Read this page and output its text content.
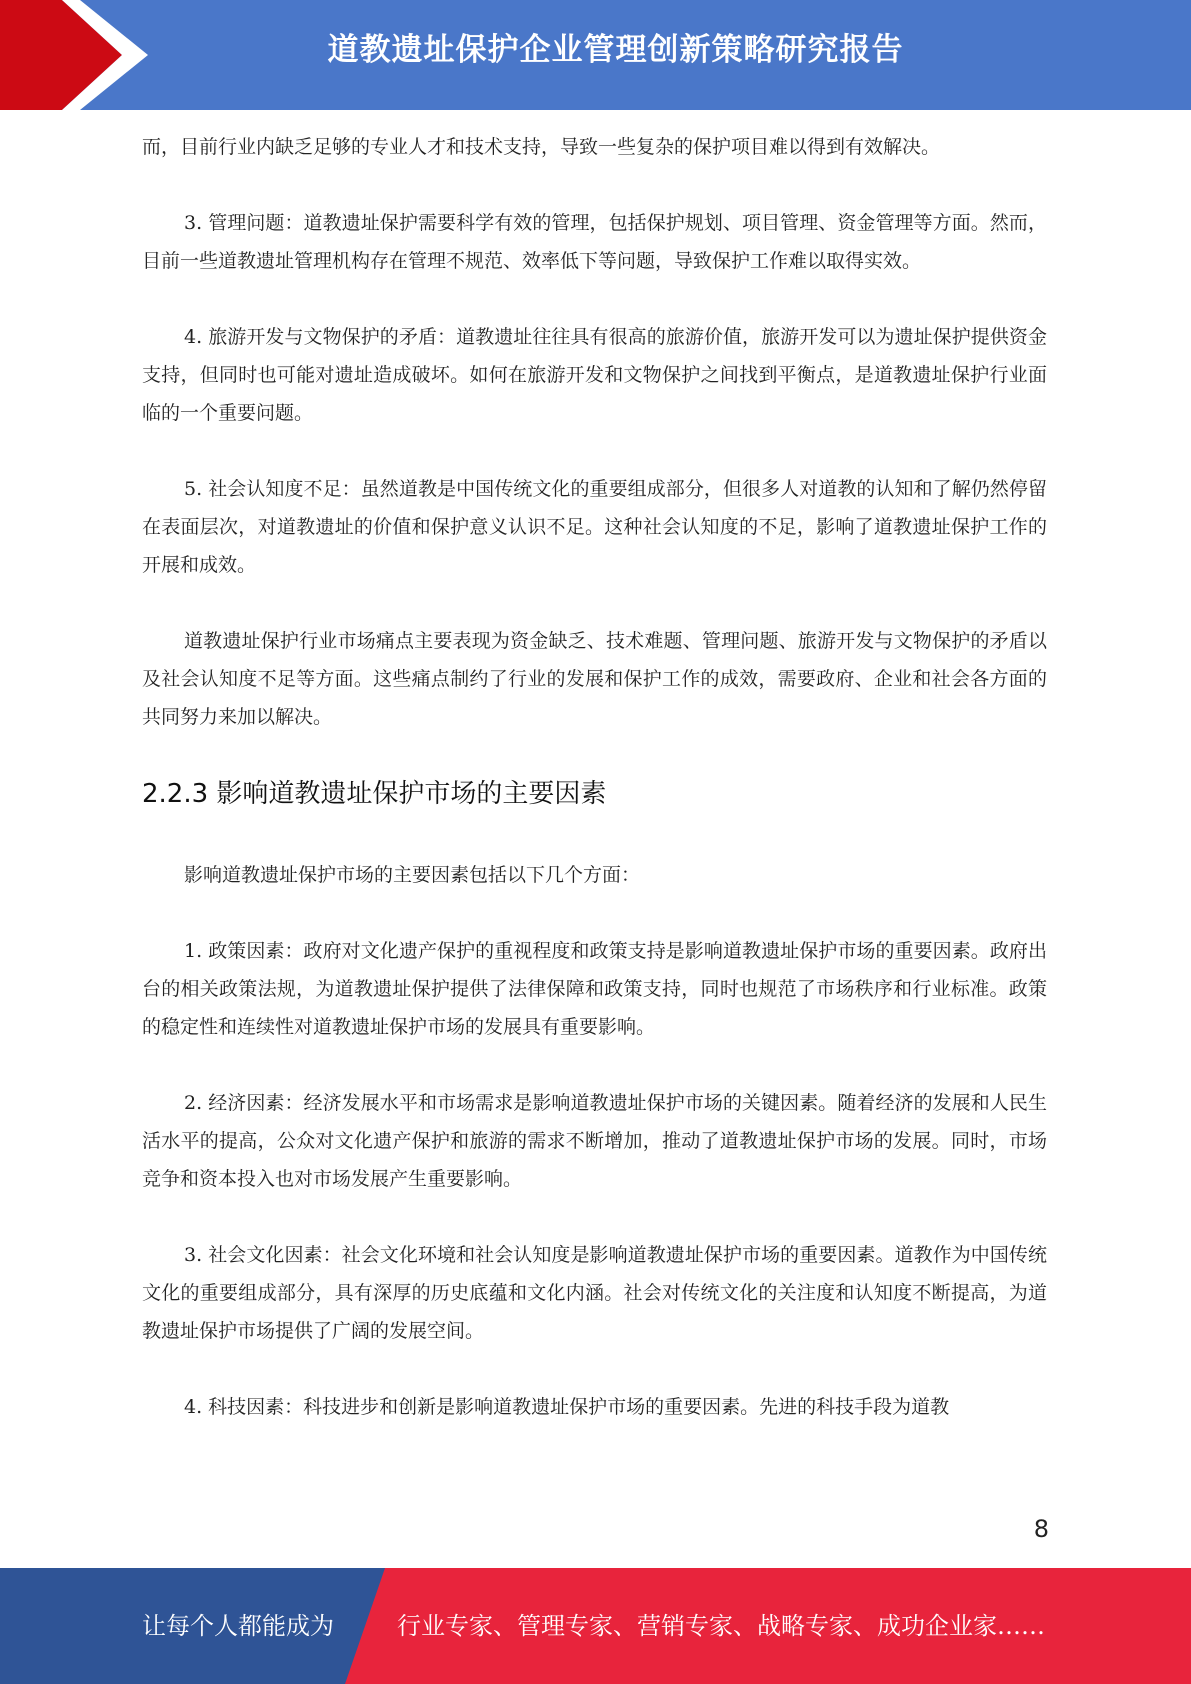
道教遗址保护企业管理创新策略研究报告

而，目前行业内缺乏足够的专业人才和技术支持，导致一些复杂的保护项目难以得到有效解决。

3. 管理问题：道教遗址保护需要科学有效的管理，包括保护规划、项目管理、资金管理等方面。然而，目前一些道教遗址管理机构存在管理不规范、效率低下等问题，导致保护工作难以取得实效。

4. 旅游开发与文物保护的矛盾：道教遗址往往具有很高的旅游价值，旅游开发可以为遗址保护提供资金支持，但同时也可能对遗址造成破坏。如何在旅游开发和文物保护之间找到平衡点，是道教遗址保护行业面临的一个重要问题。

5. 社会认知度不足：虽然道教是中国传统文化的重要组成部分，但很多人对道教的认知和了解仍然停留在表面层次，对道教遗址的价值和保护意义认识不足。这种社会认知度的不足，影响了道教遗址保护工作的开展和成效。

道教遗址保护行业市场痛点主要表现为资金缺乏、技术难题、管理问题、旅游开发与文物保护的矛盾以及社会认知度不足等方面。这些痛点制约了行业的发展和保护工作的成效，需要政府、企业和社会各方面的共同努力来加以解决。

2.2.3 影响道教遗址保护市场的主要因素

影响道教遗址保护市场的主要因素包括以下几个方面：

1. 政策因素：政府对文化遗产保护的重视程度和政策支持是影响道教遗址保护市场的重要因素。政府出台的相关政策法规，为道教遗址保护提供了法律保障和政策支持，同时也规范了市场秩序和行业标准。政策的稳定性和连续性对道教遗址保护市场的发展具有重要影响。

2. 经济因素：经济发展水平和市场需求是影响道教遗址保护市场的关键因素。随着经济的发展和人民生活水平的提高，公众对文化遗产保护和旅游的需求不断增加，推动了道教遗址保护市场的发展。同时，市场竞争和资本投入也对市场发展产生重要影响。

3. 社会文化因素：社会文化环境和社会认知度是影响道教遗址保护市场的重要因素。道教作为中国传统文化的重要组成部分，具有深厚的历史底蕴和文化内涵。社会对传统文化的关注度和认知度不断提高，为道教遗址保护市场提供了广阔的发展空间。

4. 科技因素：科技进步和创新是影响道教遗址保护市场的重要因素。先进的科技手段为道教

8
让每个人都能成为	行业专家、管理专家、营销专家、战略专家、成功企业家……
